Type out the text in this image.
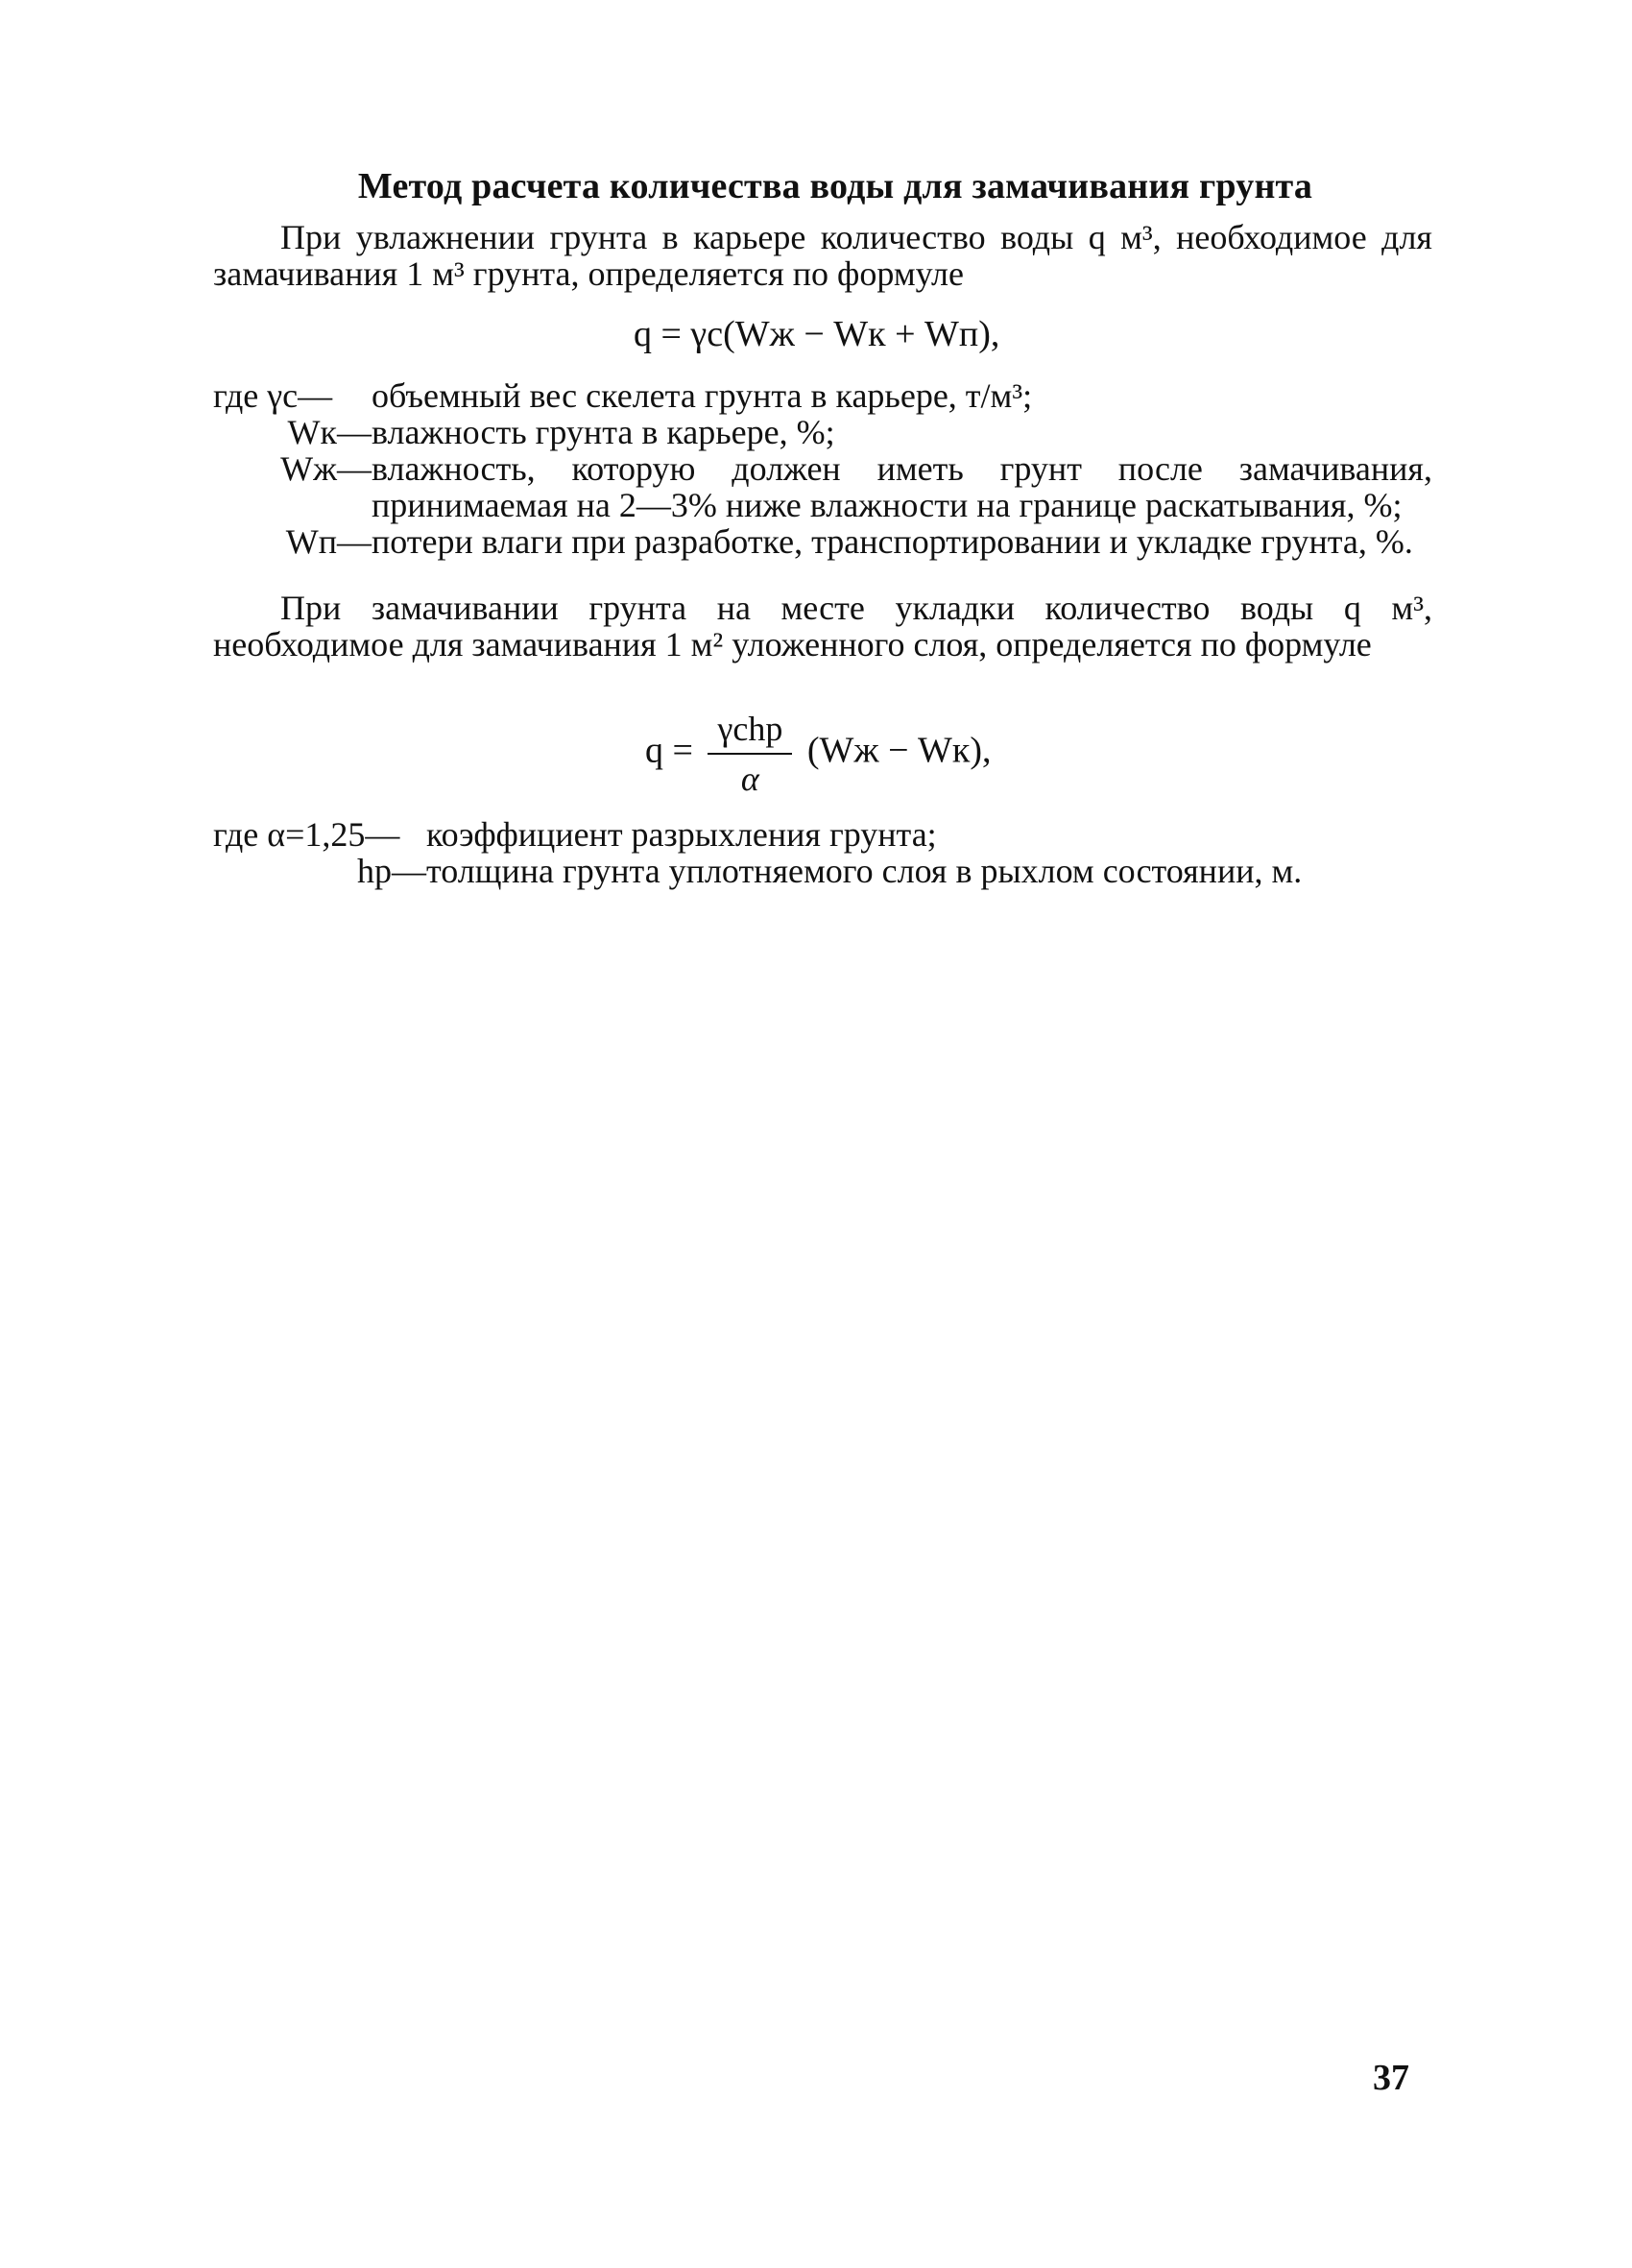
Метод расчета количества воды для замачивания грунта
При увлажнении грунта в карьере количество воды q м³, необходимое для замачивания 1 м³ грунта, определяется по формуле
q = γc(Wж − Wк + Wп),
где γc—	объемный вес скелета грунта в карьере, т/м³;
Wк— влажность грунта в карьере, %;
Wж— влажность, которую должен иметь грунт после замачивания, принимаемая на 2—3% ниже влажности на границе раскатывания, %;
Wп— потери влаги при разработке, транспортировании и укладке грунта, %.
При замачивании грунта на месте укладки количество воды q м³, необходимое для замачивания 1 м² уложенного слоя, определяется по формуле
$q = \frac{\text{γchр}}{\alpha} (Wж - Wк)$,
где α=1,25— коэффициент разрыхления грунта;
hр— толщина грунта уплотняемого слоя в рыхлом состоянии, м.
37
